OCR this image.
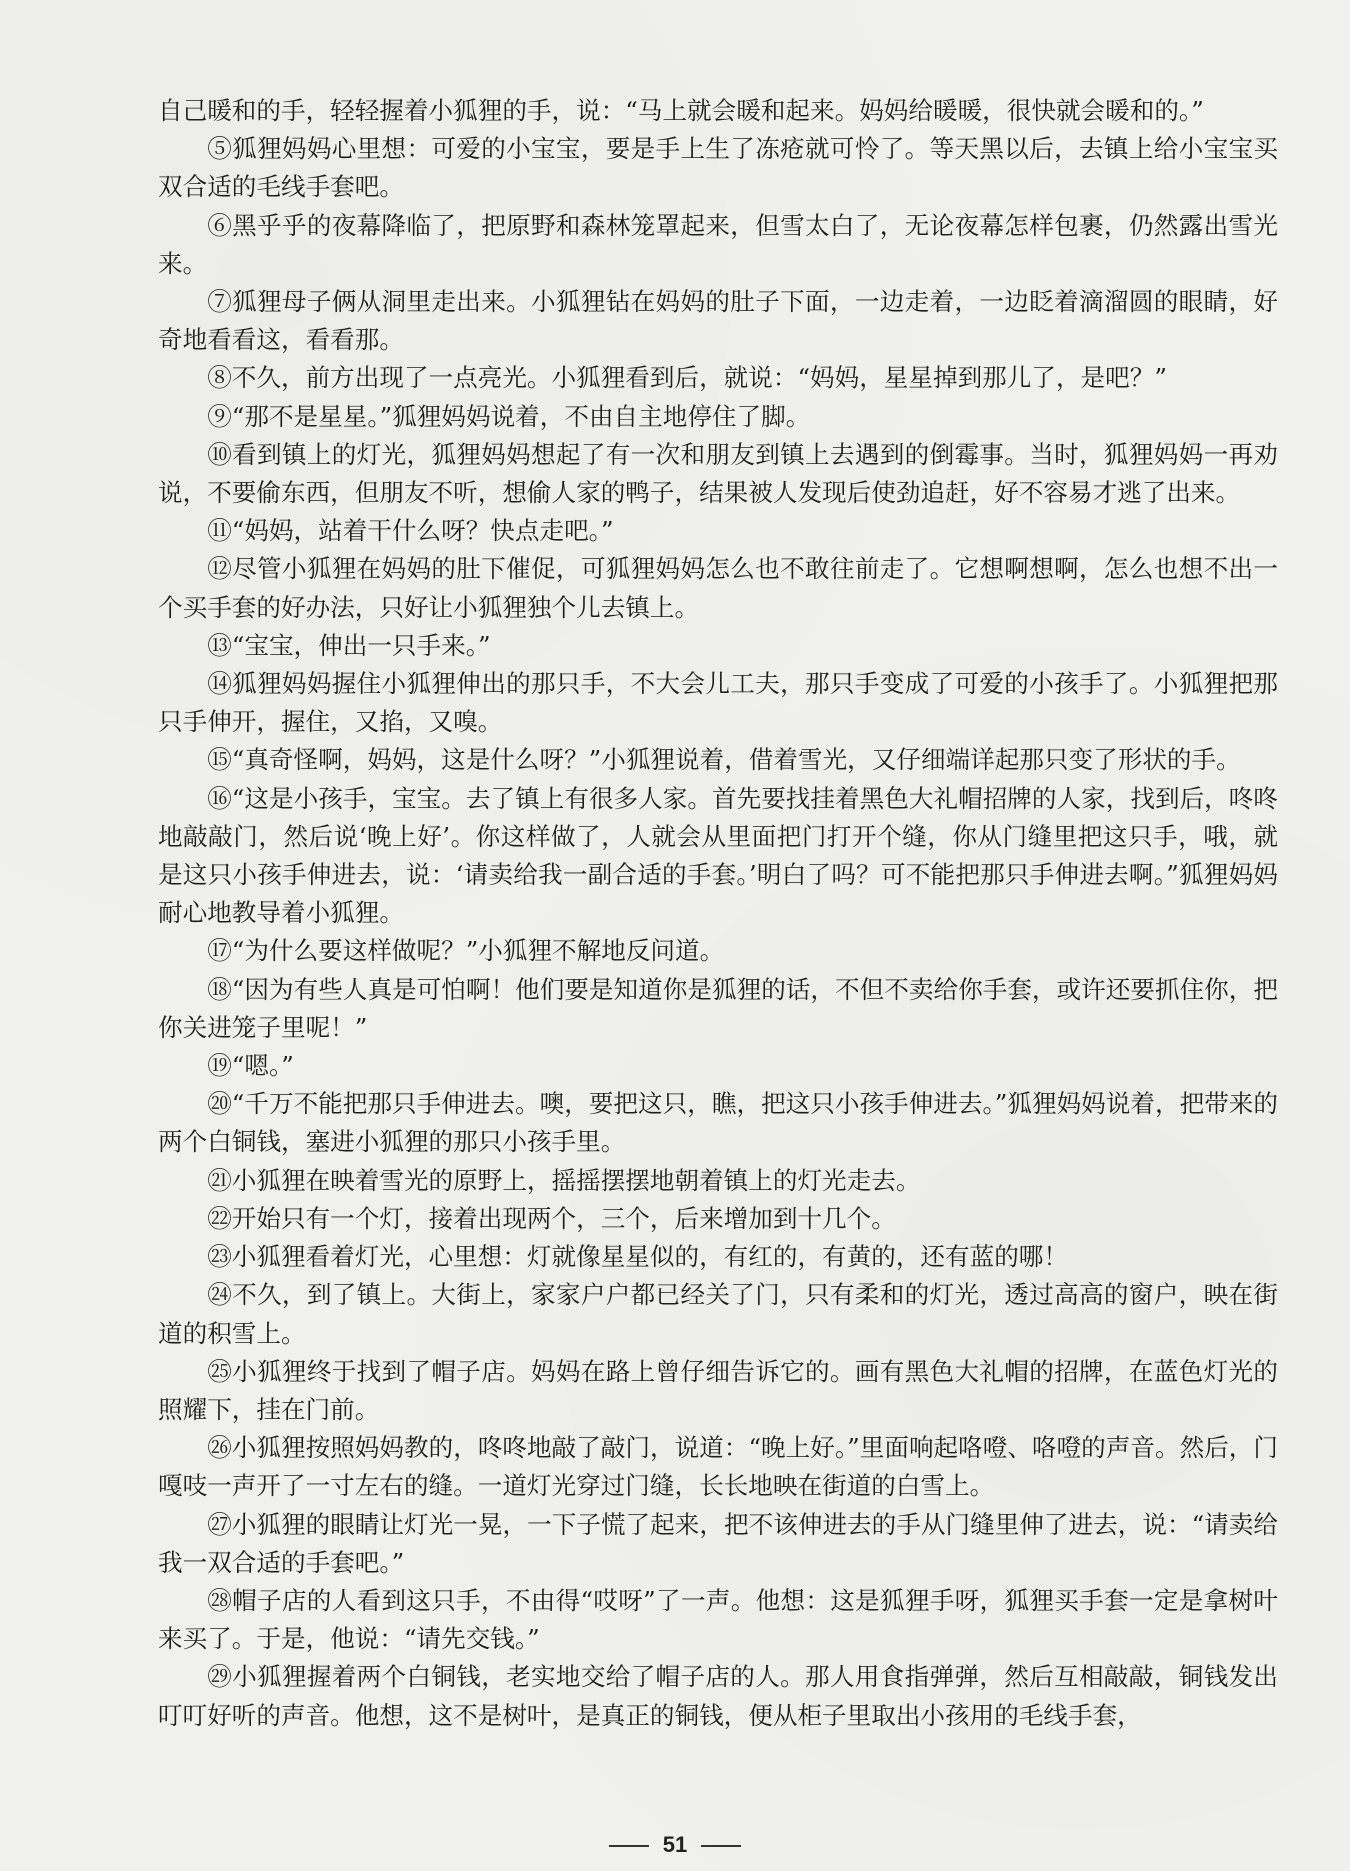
自己暖和的手，轻轻握着小狐狸的手，说：“马上就会暖和起来。妈妈给暖暖，很快就会暖和的。”

⑤狐狸妈妈心里想：可爱的小宝宝，要是手上生了冻疮就可怜了。等天黑以后，去镇上给小宝宝买双合适的毛线手套吧。

⑥黑乎乎的夜幕降临了，把原野和森林笼罩起来，但雪太白了，无论夜幕怎样包裹，仍然露出雪光来。

⑦狐狸母子俩从洞里走出来。小狐狸钻在妈妈的肚子下面，一边走着，一边眨着滴溜圆的眼睛，好奇地看看这，看看那。

⑧不久，前方出现了一点亮光。小狐狸看到后，就说：“妈妈，星星掉到那儿了，是吧？”

⑨“那不是星星。”狐狸妈妈说着，不由自主地停住了脚。

⑩看到镇上的灯光，狐狸妈妈想起了有一次和朋友到镇上去遇到的倒霉事。当时，狐狸妈妈一再劝说，不要偷东西，但朋友不听，想偷人家的鸭子，结果被人发现后使劲追赶，好不容易才逃了出来。

⑪“妈妈，站着干什么呀？快点走吧。”

⑫尽管小狐狸在妈妈的肚下催促，可狐狸妈妈怎么也不敢往前走了。它想啊想啊，怎么也想不出一个买手套的好办法，只好让小狐狸独个儿去镇上。

⑬“宝宝，伸出一只手来。”

⑭狐狸妈妈握住小狐狸伸出的那只手，不大会儿工夫，那只手变成了可爱的小孩手了。小狐狸把那只手伸开，握住，又掐，又嗅。

⑮“真奇怪啊，妈妈，这是什么呀？”小狐狸说着，借着雪光，又仔细端详起那只变了形状的手。

⑯“这是小孩手，宝宝。去了镇上有很多人家。首先要找挂着黑色大礼帽招牌的人家，找到后，咚咚地敲敲门，然后说‘晚上好’。你这样做了，人就会从里面把门打开个缝，你从门缝里把这只手，哦，就是这只小孩手伸进去，说：‘请卖给我一副合适的手套。’明白了吗？可不能把那只手伸进去啊。”狐狸妈妈耐心地教导着小狐狸。

⑰“为什么要这样做呢？”小狐狸不解地反问道。

⑱“因为有些人真是可怕啊！他们要是知道你是狐狸的话，不但不卖给你手套，或许还要抓住你，把你关进笼子里呢！”

⑲“嗯。”

⑳“千万不能把那只手伸进去。噢，要把这只，瞧，把这只小孩手伸进去。”狐狸妈妈说着，把带来的两个白铜钱，塞进小狐狸的那只小孩手里。

㉑小狐狸在映着雪光的原野上，摇摇摆摆地朝着镇上的灯光走去。

㉒开始只有一个灯，接着出现两个，三个，后来增加到十几个。

㉓小狐狸看着灯光，心里想：灯就像星星似的，有红的，有黄的，还有蓝的哪！

㉔不久，到了镇上。大街上，家家户户都已经关了门，只有柔和的灯光，透过高高的窗户，映在街道的积雪上。

㉕小狐狸终于找到了帽子店。妈妈在路上曾仔细告诉它的。画有黑色大礼帽的招牌，在蓝色灯光的照耀下，挂在门前。

㉖小狐狸按照妈妈教的，咚咚地敲了敲门，说道：“晚上好。”里面响起咯噔、咯噔的声音。然后，门嘎吱一声开了一寸左右的缝。一道灯光穿过门缝，长长地映在街道的白雪上。

㉗小狐狸的眼睛让灯光一晃，一下子慌了起来，把不该伸进去的手从门缝里伸了进去，说：“请卖给我一双合适的手套吧。”

㉘帽子店的人看到这只手，不由得“哎呀”了一声。他想：这是狐狸手呀，狐狸买手套一定是拿树叶来买了。于是，他说：“请先交钱。”

㉙小狐狸握着两个白铜钱，老实地交给了帽子店的人。那人用食指弹弹，然后互相敲敲，铜钱发出叮叮好听的声音。他想，这不是树叶，是真正的铜钱，便从柜子里取出小孩用的毛线手套，

51
